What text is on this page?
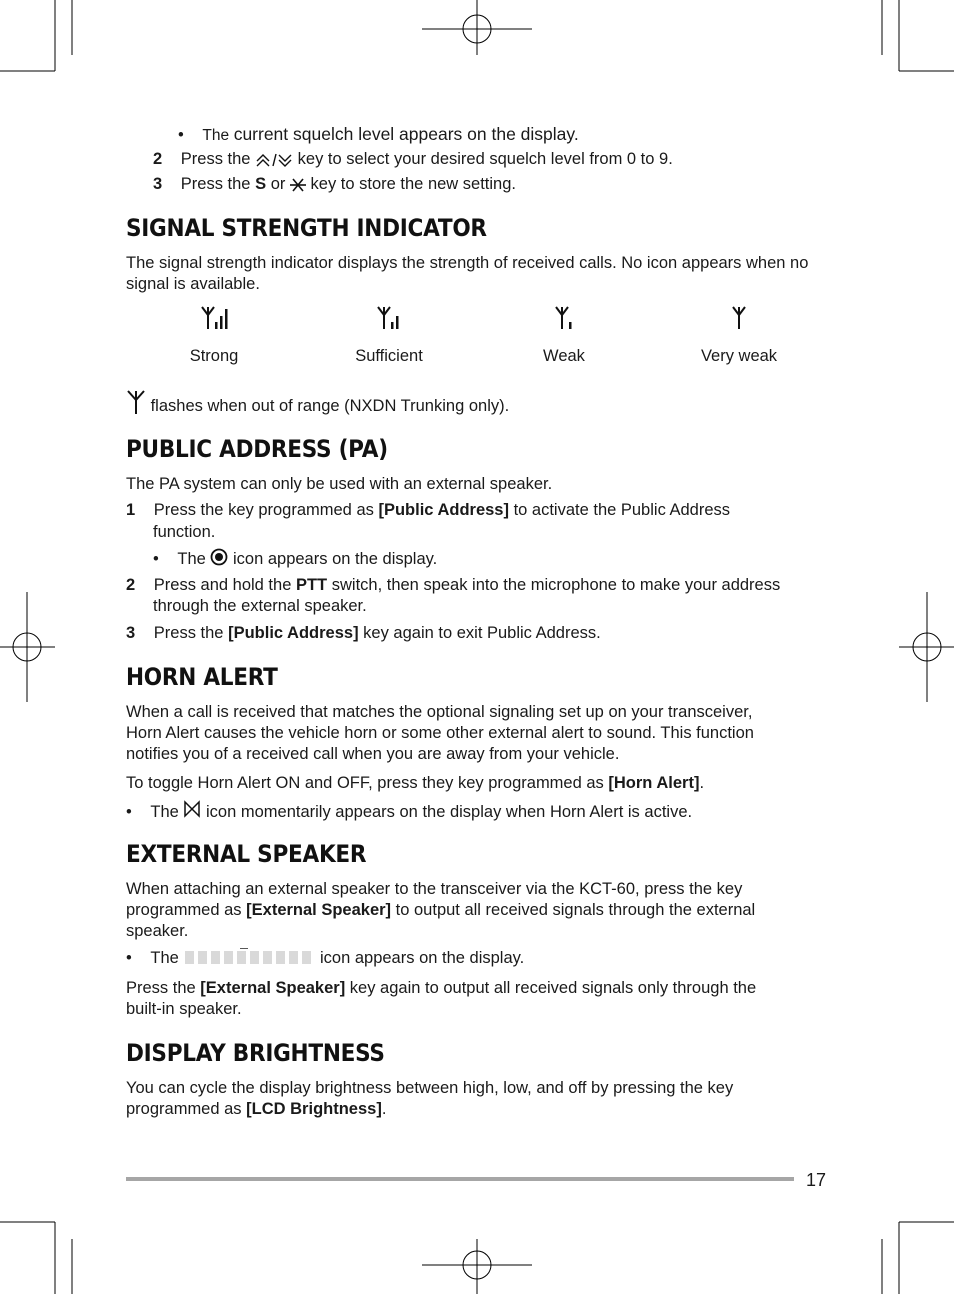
• The current squelch level appears on the display.
2 Press the	key to select your desired squelch level from 0 to 9.
3 Press the S or key to store the new setting.
SIGNAL STRENGTH INDICATOR
The signal strength indicator displays the strength of received calls. No icon appears when no signal is available.
Strong	Sufficient	Weak	Very weak
flashes when out of range (NXDN Trunking only).
PUBLIC ADDRESS (PA)
The PA system can only be used with an external speaker.
1 Press the key programmed as [Public Address] to activate the Public Address
function.
• The icon appears on the display.
2 Press and hold the PTT switch, then speak into the microphone to make your address
through the external speaker.
3 Press the [Public Address] key again to exit Public Address.
HORN ALERT
When a call is received that matches the optional signaling set up on your transceiver,
Horn Alert causes the vehicle horn or some other external alert to sound. This function
notifies you of a received call when you are away from your vehicle.
To toggle Horn Alert ON and OFF, press they key programmed as [Horn Alert].
• The icon momentarily appears on the display when Horn Alert is active.
EXTERNAL SPEAKER
When attaching an external speaker to the transceiver via the KCT-60, press the key
programmed as [External Speaker] to output all received signals through the external
speaker.
• The	icon appears on the display.
Press the [External Speaker] key again to output all received signals only through the
built-in speaker.
DISPLAY BRIGHTNESS
You can cycle the display brightness between high, low, and off by pressing the key
programmed as [LCD Brightness].
17
